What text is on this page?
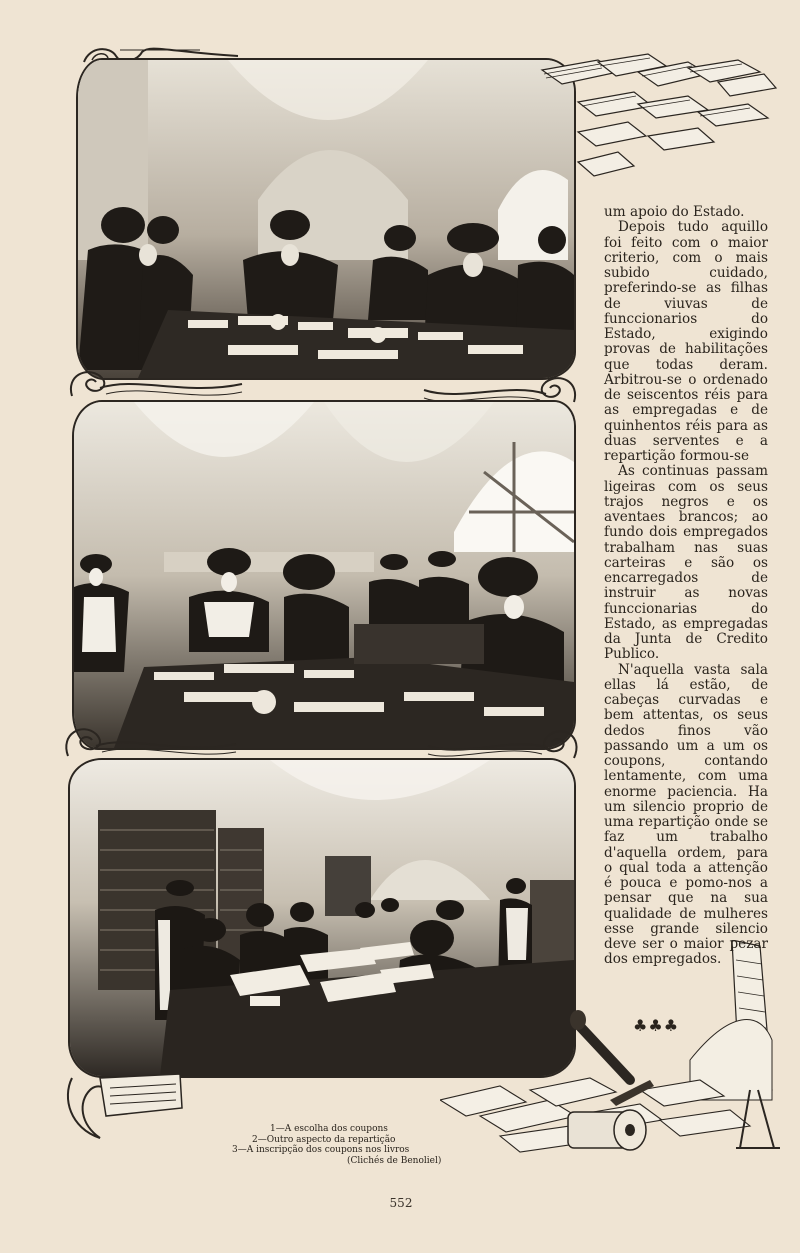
um apoio do Estado.

Depois tudo aquillo foi feito com o maior criterio, com o mais subido cuidado, preferindo-se as filhas de viuvas de funccionarios do Estado, exigindo provas de habilitações que todas deram. Arbitrou-se o ordenado de seiscentos réis para as empregadas e de quinhentos réis para as duas serventes e a repartição formou-se

As continuas passam ligeiras com os seus trajos negros e os aventaes brancos; ao fundo dois empregados trabalham nas suas carteiras e são os encarregados de instruir as novas funccionarias do Estado, as empregadas da Junta de Credito Publico.

N'aquella vasta sala ellas lá estão, de cabeças curvadas e bem attentas, os seus dedos finos vão passando um a um os coupons, contando lentamente, com uma enorme paciencia. Ha um silencio proprio de uma repartição onde se faz um trabalho d'aquella ordem, para o qual toda a attenção é pouca e pomo-nos a pensar que na sua qualidade de mulheres esse grande silencio deve ser o maior pezar dos empregados.

♣♣♣
1—A escolha dos coupons
2—Outro aspecto da repartição
3—A inscripção dos coupons nos livros
(Clichés de Benoliel)
552
